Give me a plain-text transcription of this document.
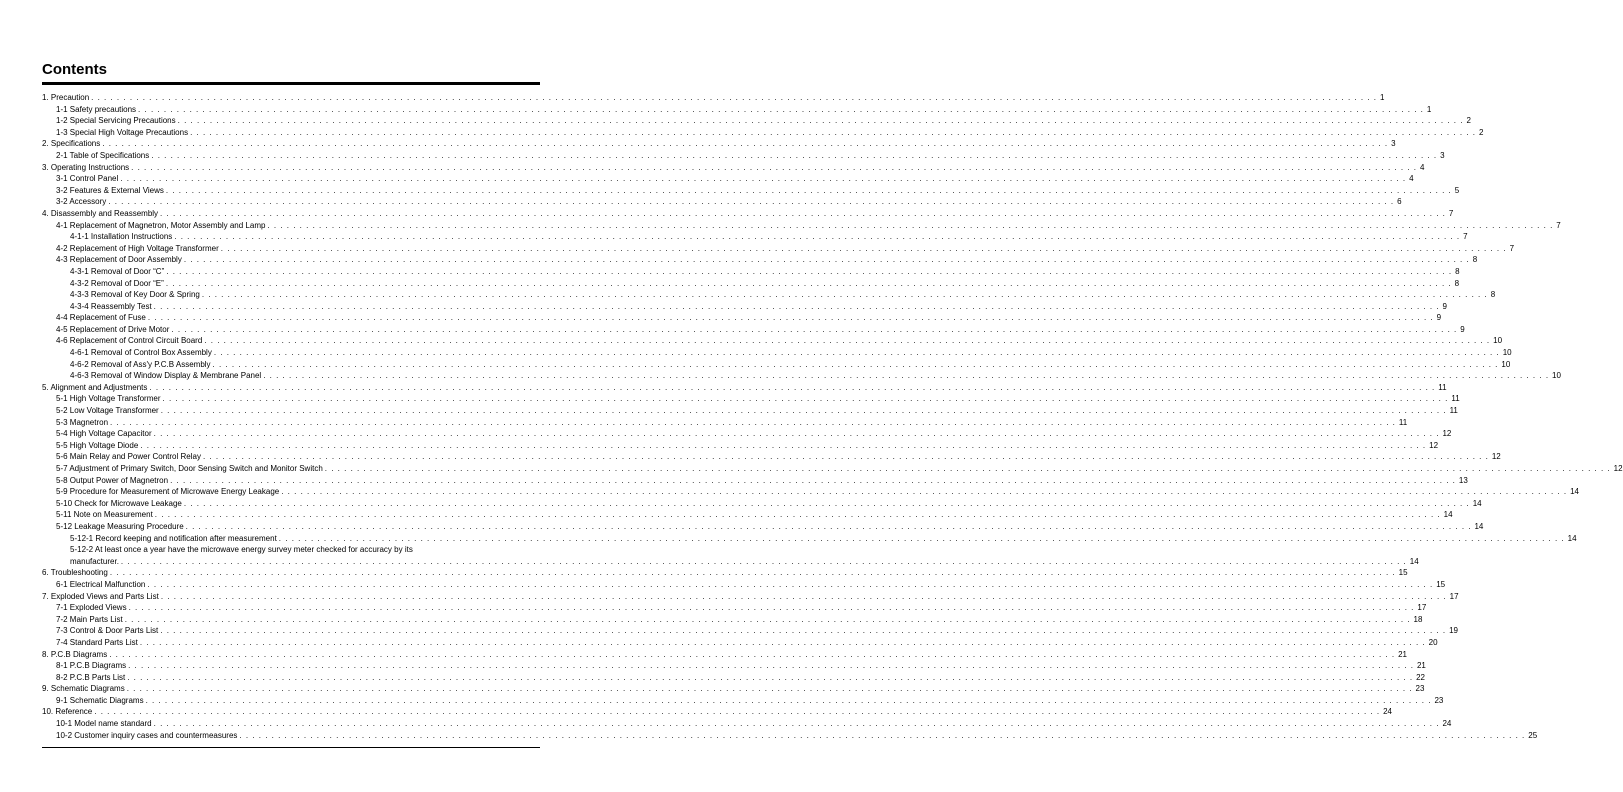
Contents
1. Precaution . . . . . . . . . . . . . . . . . . . . . . . . . . . . . . . . . . . . . . . . . . . . . . . . . . . . . . . . . . . . . . . . . . . . . . . . . . . . . . . . . . . . . . . . . . . . . . . . . . . . . . . . . . . . . . . . . . . . . . . . . . . . . . . . . . . . . . . . . . . . . . . . . . . . . . . . . . . . . . . . . . . . . . . . . . . . . . . . . . . . . . . . . . . . . . . . . . . . . . . . 1
1-1 Safety precautions . . . . . . . . . . . . . . . . . . . . . . . . . . . . . . . . . . . . . . . . . . . . . . . . . . . . . . . . . . . . . . . . . . . . . . . . . . . . . . . . . . . . . . . . . . . . . . . . . . . . . . . . . . . . . . . . . . . . . . . . . . . . . . . . . . . . . . . . . . . . . . . . . . . . . . . . . . . . . . . . . . . . . . . . . . . . . . . . . . . . . . . . . . . . . . . . . . . . . . . . 1
1-2 Special Servicing Precautions . . . . . . . . . . . . . . . . . . . . . . . . . . . . . . . . . . . . . . . . . . . . . . . . . . . . . . . . . . . . . . . . . . . . . . . . . . . . . . . . . . . . . . . . . . . . . . . . . . . . . . . . . . . . . . . . . . . . . . . . . . . . . . . . . . . . . . . . . . . . . . . . . . . . . . . . . . . . . . . . . . . . . . . . . . . . . . . . . . . . . . . . . . . . . . . . . . . . . . . . 2
1-3 Special High Voltage Precautions . . . . . . . . . . . . . . . . . . . . . . . . . . . . . . . . . . . . . . . . . . . . . . . . . . . . . . . . . . . . . . . . . . . . . . . . . . . . . . . . . . . . . . . . . . . . . . . . . . . . . . . . . . . . . . . . . . . . . . . . . . . . . . . . . . . . . . . . . . . . . . . . . . . . . . . . . . . . . . . . . . . . . . . . . . . . . . . . . . . . . . . . . . . . . . . . . . . . . . . . 2
2. Specifications . . . . . . . . . . . . . . . . . . . . . . . . . . . . . . . . . . . . . . . . . . . . . . . . . . . . . . . . . . . . . . . . . . . . . . . . . . . . . . . . . . . . . . . . . . . . . . . . . . . . . . . . . . . . . . . . . . . . . . . . . . . . . . . . . . . . . . . . . . . . . . . . . . . . . . . . . . . . . . . . . . . . . . . . . . . . . . . . . . . . . . . . . . . . . . . . . . . . . . . . 3
2-1 Table of Specifications . . . . . . . . . . . . . . . . . . . . . . . . . . . . . . . . . . . . . . . . . . . . . . . . . . . . . . . . . . . . . . . . . . . . . . . . . . . . . . . . . . . . . . . . . . . . . . . . . . . . . . . . . . . . . . . . . . . . . . . . . . . . . . . . . . . . . . . . . . . . . . . . . . . . . . . . . . . . . . . . . . . . . . . . . . . . . . . . . . . . . . . . . . . . . . . . . . . . . . . . 3
3. Operating Instructions . . . . . . . . . . . . . . . . . . . . . . . . . . . . . . . . . . . . . . . . . . . . . . . . . . . . . . . . . . . . . . . . . . . . . . . . . . . . . . . . . . . . . . . . . . . . . . . . . . . . . . . . . . . . . . . . . . . . . . . . . . . . . . . . . . . . . . . . . . . . . . . . . . . . . . . . . . . . . . . . . . . . . . . . . . . . . . . . . . . . . . . . . . . . . . . . . . . . . . . . 4
3-1 Control Panel . . . . . . . . . . . . . . . . . . . . . . . . . . . . . . . . . . . . . . . . . . . . . . . . . . . . . . . . . . . . . . . . . . . . . . . . . . . . . . . . . . . . . . . . . . . . . . . . . . . . . . . . . . . . . . . . . . . . . . . . . . . . . . . . . . . . . . . . . . . . . . . . . . . . . . . . . . . . . . . . . . . . . . . . . . . . . . . . . . . . . . . . . . . . . . . . . . . . . . . . 4
3-2 Features & External Views . . . . . . . . . . . . . . . . . . . . . . . . . . . . . . . . . . . . . . . . . . . . . . . . . . . . . . . . . . . . . . . . . . . . . . . . . . . . . . . . . . . . . . . . . . . . . . . . . . . . . . . . . . . . . . . . . . . . . . . . . . . . . . . . . . . . . . . . . . . . . . . . . . . . . . . . . . . . . . . . . . . . . . . . . . . . . . . . . . . . . . . . . . . . . . . . . . . . . . . . 5
3-2 Accessory . . . . . . . . . . . . . . . . . . . . . . . . . . . . . . . . . . . . . . . . . . . . . . . . . . . . . . . . . . . . . . . . . . . . . . . . . . . . . . . . . . . . . . . . . . . . . . . . . . . . . . . . . . . . . . . . . . . . . . . . . . . . . . . . . . . . . . . . . . . . . . . . . . . . . . . . . . . . . . . . . . . . . . . . . . . . . . . . . . . . . . . . . . . . . . . . . . . . . . . . 6
4. Disassembly and Reassembly . . . . . . . . . . . . . . . . . . . . . . . . . . . . . . . . . . . . . . . . . . . . . . . . . . . . . . . . . . . . . . . . . . . . . . . . . . . . . . . . . . . . . . . . . . . . . . . . . . . . . . . . . . . . . . . . . . . . . . . . . . . . . . . . . . . . . . . . . . . . . . . . . . . . . . . . . . . . . . . . . . . . . . . . . . . . . . . . . . . . . . . . . . . . . . . . . . . . . . . . 7
4-1 Replacement of Magnetron, Motor Assembly and Lamp . . . . . . . . . . . . . . . . . . . . . . . . . . . . . . . . . . . . . . . . . . . . . . . . . . . . . . . . . . . . . . . . . . . . . . . . . . . . . . . . . . . . . . . . . . . . . . . . . . . . . . . . . . . . . . . . . . . . . . . . . . . . . . . . . . . . . . . . . . . . . . . . . . . . . . . . . . . . . . . . . . . . . . . . . . . . . . . . . . . . . . . . . . . . . . . . . . . . . . . . 7
4-1-1 Installation Instructions . . . . . . . . . . . . . . . . . . . . . . . . . . . . . . . . . . . . . . . . . . . . . . . . . . . . . . . . . . . . . . . . . . . . . . . . . . . . . . . . . . . . . . . . . . . . . . . . . . . . . . . . . . . . . . . . . . . . . . . . . . . . . . . . . . . . . . . . . . . . . . . . . . . . . . . . . . . . . . . . . . . . . . . . . . . . . . . . . . . . . . . . . . . . . . . . . . . . . . . . 7
4-2 Replacement of High Voltage Transformer . . . . . . . . . . . . . . . . . . . . . . . . . . . . . . . . . . . . . . . . . . . . . . . . . . . . . . . . . . . . . . . . . . . . . . . . . . . . . . . . . . . . . . . . . . . . . . . . . . . . . . . . . . . . . . . . . . . . . . . . . . . . . . . . . . . . . . . . . . . . . . . . . . . . . . . . . . . . . . . . . . . . . . . . . . . . . . . . . . . . . . . . . . . . . . . . . . . . . . . . 7
4-3 Replacement of Door Assembly . . . . . . . . . . . . . . . . . . . . . . . . . . . . . . . . . . . . . . . . . . . . . . . . . . . . . . . . . . . . . . . . . . . . . . . . . . . . . . . . . . . . . . . . . . . . . . . . . . . . . . . . . . . . . . . . . . . . . . . . . . . . . . . . . . . . . . . . . . . . . . . . . . . . . . . . . . . . . . . . . . . . . . . . . . . . . . . . . . . . . . . . . . . . . . . . . . . . . . . . 8
4-3-1 Removal of Door “C” . . . . . . . . . . . . . . . . . . . . . . . . . . . . . . . . . . . . . . . . . . . . . . . . . . . . . . . . . . . . . . . . . . . . . . . . . . . . . . . . . . . . . . . . . . . . . . . . . . . . . . . . . . . . . . . . . . . . . . . . . . . . . . . . . . . . . . . . . . . . . . . . . . . . . . . . . . . . . . . . . . . . . . . . . . . . . . . . . . . . . . . . . . . . . . . . . . . . . . . . 8
4-3-2 Removal of Door “E” . . . . . . . . . . . . . . . . . . . . . . . . . . . . . . . . . . . . . . . . . . . . . . . . . . . . . . . . . . . . . . . . . . . . . . . . . . . . . . . . . . . . . . . . . . . . . . . . . . . . . . . . . . . . . . . . . . . . . . . . . . . . . . . . . . . . . . . . . . . . . . . . . . . . . . . . . . . . . . . . . . . . . . . . . . . . . . . . . . . . . . . . . . . . . . . . . . . . . . . . 8
4-3-3 Removal of Key Door & Spring . . . . . . . . . . . . . . . . . . . . . . . . . . . . . . . . . . . . . . . . . . . . . . . . . . . . . . . . . . . . . . . . . . . . . . . . . . . . . . . . . . . . . . . . . . . . . . . . . . . . . . . . . . . . . . . . . . . . . . . . . . . . . . . . . . . . . . . . . . . . . . . . . . . . . . . . . . . . . . . . . . . . . . . . . . . . . . . . . . . . . . . . . . . . . . . . . . . . . . . . 8
4-3-4 Reassembly Test . . . . . . . . . . . . . . . . . . . . . . . . . . . . . . . . . . . . . . . . . . . . . . . . . . . . . . . . . . . . . . . . . . . . . . . . . . . . . . . . . . . . . . . . . . . . . . . . . . . . . . . . . . . . . . . . . . . . . . . . . . . . . . . . . . . . . . . . . . . . . . . . . . . . . . . . . . . . . . . . . . . . . . . . . . . . . . . . . . . . . . . . . . . . . . . . . . . . . . . . 9
4-4 Replacement of Fuse . . . . . . . . . . . . . . . . . . . . . . . . . . . . . . . . . . . . . . . . . . . . . . . . . . . . . . . . . . . . . . . . . . . . . . . . . . . . . . . . . . . . . . . . . . . . . . . . . . . . . . . . . . . . . . . . . . . . . . . . . . . . . . . . . . . . . . . . . . . . . . . . . . . . . . . . . . . . . . . . . . . . . . . . . . . . . . . . . . . . . . . . . . . . . . . . . . . . . . . . 9
4-5 Replacement of Drive Motor . . . . . . . . . . . . . . . . . . . . . . . . . . . . . . . . . . . . . . . . . . . . . . . . . . . . . . . . . . . . . . . . . . . . . . . . . . . . . . . . . . . . . . . . . . . . . . . . . . . . . . . . . . . . . . . . . . . . . . . . . . . . . . . . . . . . . . . . . . . . . . . . . . . . . . . . . . . . . . . . . . . . . . . . . . . . . . . . . . . . . . . . . . . . . . . . . . . . . . . . 9
4-6 Replacement of Control Circuit Board . . . . . . . . . . . . . . . . . . . . . . . . . . . . . . . . . . . . . . . . . . . . . . . . . . . . . . . . . . . . . . . . . . . . . . . . . . . . . . . . . . . . . . . . . . . . . . . . . . . . . . . . . . . . . . . . . . . . . . . . . . . . . . . . . . . . . . . . . . . . . . . . . . . . . . . . . . . . . . . . . . . . . . . . . . . . . . . . . . . . . . . . . . . . . . . . . . . . . . . . 10
4-6-1 Removal of Control Box Assembly . . . . . . . . . . . . . . . . . . . . . . . . . . . . . . . . . . . . . . . . . . . . . . . . . . . . . . . . . . . . . . . . . . . . . . . . . . . . . . . . . . . . . . . . . . . . . . . . . . . . . . . . . . . . . . . . . . . . . . . . . . . . . . . . . . . . . . . . . . . . . . . . . . . . . . . . . . . . . . . . . . . . . . . . . . . . . . . . . . . . . . . . . . . . . . . . . . . . . . . . 10
4-6-2 Removal of Ass'y P.C.B Assembly . . . . . . . . . . . . . . . . . . . . . . . . . . . . . . . . . . . . . . . . . . . . . . . . . . . . . . . . . . . . . . . . . . . . . . . . . . . . . . . . . . . . . . . . . . . . . . . . . . . . . . . . . . . . . . . . . . . . . . . . . . . . . . . . . . . . . . . . . . . . . . . . . . . . . . . . . . . . . . . . . . . . . . . . . . . . . . . . . . . . . . . . . . . . . . . . . . . . . . . . 10
4-6-3 Removal of Window Display & Membrane Panel . . . . . . . . . . . . . . . . . . . . . . . . . . . . . . . . . . . . . . . . . . . . . . . . . . . . . . . . . . . . . . . . . . . . . . . . . . . . . . . . . . . . . . . . . . . . . . . . . . . . . . . . . . . . . . . . . . . . . . . . . . . . . . . . . . . . . . . . . . . . . . . . . . . . . . . . . . . . . . . . . . . . . . . . . . . . . . . . . . . . . . . . . . . . . . . . . . . . . . . . 10
5. Alignment and Adjustments . . . . . . . . . . . . . . . . . . . . . . . . . . . . . . . . . . . . . . . . . . . . . . . . . . . . . . . . . . . . . . . . . . . . . . . . . . . . . . . . . . . . . . . . . . . . . . . . . . . . . . . . . . . . . . . . . . . . . . . . . . . . . . . . . . . . . . . . . . . . . . . . . . . . . . . . . . . . . . . . . . . . . . . . . . . . . . . . . . . . . . . . . . . . . . . . . . . . . . . . 11
5-1 High Voltage Transformer . . . . . . . . . . . . . . . . . . . . . . . . . . . . . . . . . . . . . . . . . . . . . . . . . . . . . . . . . . . . . . . . . . . . . . . . . . . . . . . . . . . . . . . . . . . . . . . . . . . . . . . . . . . . . . . . . . . . . . . . . . . . . . . . . . . . . . . . . . . . . . . . . . . . . . . . . . . . . . . . . . . . . . . . . . . . . . . . . . . . . . . . . . . . . . . . . . . . . . . . 11
5-2 Low Voltage Transformer . . . . . . . . . . . . . . . . . . . . . . . . . . . . . . . . . . . . . . . . . . . . . . . . . . . . . . . . . . . . . . . . . . . . . . . . . . . . . . . . . . . . . . . . . . . . . . . . . . . . . . . . . . . . . . . . . . . . . . . . . . . . . . . . . . . . . . . . . . . . . . . . . . . . . . . . . . . . . . . . . . . . . . . . . . . . . . . . . . . . . . . . . . . . . . . . . . . . . . . . 11
5-3 Magnetron . . . . . . . . . . . . . . . . . . . . . . . . . . . . . . . . . . . . . . . . . . . . . . . . . . . . . . . . . . . . . . . . . . . . . . . . . . . . . . . . . . . . . . . . . . . . . . . . . . . . . . . . . . . . . . . . . . . . . . . . . . . . . . . . . . . . . . . . . . . . . . . . . . . . . . . . . . . . . . . . . . . . . . . . . . . . . . . . . . . . . . . . . . . . . . . . . . . . . . . . 11
5-4 High Voltage Capacitor . . . . . . . . . . . . . . . . . . . . . . . . . . . . . . . . . . . . . . . . . . . . . . . . . . . . . . . . . . . . . . . . . . . . . . . . . . . . . . . . . . . . . . . . . . . . . . . . . . . . . . . . . . . . . . . . . . . . . . . . . . . . . . . . . . . . . . . . . . . . . . . . . . . . . . . . . . . . . . . . . . . . . . . . . . . . . . . . . . . . . . . . . . . . . . . . . . . . . . . . 12
5-5 High Voltage Diode . . . . . . . . . . . . . . . . . . . . . . . . . . . . . . . . . . . . . . . . . . . . . . . . . . . . . . . . . . . . . . . . . . . . . . . . . . . . . . . . . . . . . . . . . . . . . . . . . . . . . . . . . . . . . . . . . . . . . . . . . . . . . . . . . . . . . . . . . . . . . . . . . . . . . . . . . . . . . . . . . . . . . . . . . . . . . . . . . . . . . . . . . . . . . . . . . . . . . . . . 12
5-6 Main Relay and Power Control Relay . . . . . . . . . . . . . . . . . . . . . . . . . . . . . . . . . . . . . . . . . . . . . . . . . . . . . . . . . . . . . . . . . . . . . . . . . . . . . . . . . . . . . . . . . . . . . . . . . . . . . . . . . . . . . . . . . . . . . . . . . . . . . . . . . . . . . . . . . . . . . . . . . . . . . . . . . . . . . . . . . . . . . . . . . . . . . . . . . . . . . . . . . . . . . . . . . . . . . . . . 12
5-7 Adjustment of Primary Switch, Door Sensing Switch and Monitor Switch . . . . . . . . . . . . . . . . . . . . . . . . . . . . . . . . . . . . . . . . . . . . . . . . . . . . . . . . . . . . . . . . . . . . . . . . . . . . . . . . . . . . . . . . . . . . . . . . . . . . . . . . . . . . . . . . . . . . . . . . . . . . . . . . . . . . . . . . . . . . . . . . . . . . . . . . . . . . . . . . . . . . . . . . . . . . . . . . . . . . . . . . . . . . . . . . . . . . . . . . 12
5-8 Output Power of Magnetron . . . . . . . . . . . . . . . . . . . . . . . . . . . . . . . . . . . . . . . . . . . . . . . . . . . . . . . . . . . . . . . . . . . . . . . . . . . . . . . . . . . . . . . . . . . . . . . . . . . . . . . . . . . . . . . . . . . . . . . . . . . . . . . . . . . . . . . . . . . . . . . . . . . . . . . . . . . . . . . . . . . . . . . . . . . . . . . . . . . . . . . . . . . . . . . . . . . . . . . . 13
5-9 Procedure for Measurement of Microwave Energy Leakage . . . . . . . . . . . . . . . . . . . . . . . . . . . . . . . . . . . . . . . . . . . . . . . . . . . . . . . . . . . . . . . . . . . . . . . . . . . . . . . . . . . . . . . . . . . . . . . . . . . . . . . . . . . . . . . . . . . . . . . . . . . . . . . . . . . . . . . . . . . . . . . . . . . . . . . . . . . . . . . . . . . . . . . . . . . . . . . . . . . . . . . . . . . . . . . . . . . . . . . . 14
5-10 Check for Microwave Leakage . . . . . . . . . . . . . . . . . . . . . . . . . . . . . . . . . . . . . . . . . . . . . . . . . . . . . . . . . . . . . . . . . . . . . . . . . . . . . . . . . . . . . . . . . . . . . . . . . . . . . . . . . . . . . . . . . . . . . . . . . . . . . . . . . . . . . . . . . . . . . . . . . . . . . . . . . . . . . . . . . . . . . . . . . . . . . . . . . . . . . . . . . . . . . . . . . . . . . . . . 14
5-11 Note on Measurement . . . . . . . . . . . . . . . . . . . . . . . . . . . . . . . . . . . . . . . . . . . . . . . . . . . . . . . . . . . . . . . . . . . . . . . . . . . . . . . . . . . . . . . . . . . . . . . . . . . . . . . . . . . . . . . . . . . . . . . . . . . . . . . . . . . . . . . . . . . . . . . . . . . . . . . . . . . . . . . . . . . . . . . . . . . . . . . . . . . . . . . . . . . . . . . . . . . . . . . . 14
5-12 Leakage Measuring Procedure . . . . . . . . . . . . . . . . . . . . . . . . . . . . . . . . . . . . . . . . . . . . . . . . . . . . . . . . . . . . . . . . . . . . . . . . . . . . . . . . . . . . . . . . . . . . . . . . . . . . . . . . . . . . . . . . . . . . . . . . . . . . . . . . . . . . . . . . . . . . . . . . . . . . . . . . . . . . . . . . . . . . . . . . . . . . . . . . . . . . . . . . . . . . . . . . . . . . . . . . 14
5-12-1 Record keeping and notification after measurement . . . . . . . . . . . . . . . . . . . . . . . . . . . . . . . . . . . . . . . . . . . . . . . . . . . . . . . . . . . . . . . . . . . . . . . . . . . . . . . . . . . . . . . . . . . . . . . . . . . . . . . . . . . . . . . . . . . . . . . . . . . . . . . . . . . . . . . . . . . . . . . . . . . . . . . . . . . . . . . . . . . . . . . . . . . . . . . . . . . . . . . . . . . . . . . . . . . . . . . . 14
5-12-2 At least once a year have the microwave energy survey meter checked for accuracy by its
manufacturer. . . . . . . . . . . . . . . . . . . . . . . . . . . . . . . . . . . . . . . . . . . . . . . . . . . . . . . . . . . . . . . . . . . . . . . . . . . . . . . . . . . . . . . . . . . . . . . . . . . . . . . . . . . . . . . . . . . . . . . . . . . . . . . . . . . . . . . . . . . . . . . . . . . . . . . . . . . . . . . . . . . . . . . . . . . . . . . . . . . . . . . . . . . . . . . . . . . . . . . . . 14
6. Troubleshooting . . . . . . . . . . . . . . . . . . . . . . . . . . . . . . . . . . . . . . . . . . . . . . . . . . . . . . . . . . . . . . . . . . . . . . . . . . . . . . . . . . . . . . . . . . . . . . . . . . . . . . . . . . . . . . . . . . . . . . . . . . . . . . . . . . . . . . . . . . . . . . . . . . . . . . . . . . . . . . . . . . . . . . . . . . . . . . . . . . . . . . . . . . . . . . . . . . . . . . . . 15
6-1 Electrical Malfunction . . . . . . . . . . . . . . . . . . . . . . . . . . . . . . . . . . . . . . . . . . . . . . . . . . . . . . . . . . . . . . . . . . . . . . . . . . . . . . . . . . . . . . . . . . . . . . . . . . . . . . . . . . . . . . . . . . . . . . . . . . . . . . . . . . . . . . . . . . . . . . . . . . . . . . . . . . . . . . . . . . . . . . . . . . . . . . . . . . . . . . . . . . . . . . . . . . . . . . . . 15
7. Exploded Views and Parts List . . . . . . . . . . . . . . . . . . . . . . . . . . . . . . . . . . . . . . . . . . . . . . . . . . . . . . . . . . . . . . . . . . . . . . . . . . . . . . . . . . . . . . . . . . . . . . . . . . . . . . . . . . . . . . . . . . . . . . . . . . . . . . . . . . . . . . . . . . . . . . . . . . . . . . . . . . . . . . . . . . . . . . . . . . . . . . . . . . . . . . . . . . . . . . . . . . . . . . . . 17
7-1 Exploded Views . . . . . . . . . . . . . . . . . . . . . . . . . . . . . . . . . . . . . . . . . . . . . . . . . . . . . . . . . . . . . . . . . . . . . . . . . . . . . . . . . . . . . . . . . . . . . . . . . . . . . . . . . . . . . . . . . . . . . . . . . . . . . . . . . . . . . . . . . . . . . . . . . . . . . . . . . . . . . . . . . . . . . . . . . . . . . . . . . . . . . . . . . . . . . . . . . . . . . . . . 17
7-2 Main Parts List . . . . . . . . . . . . . . . . . . . . . . . . . . . . . . . . . . . . . . . . . . . . . . . . . . . . . . . . . . . . . . . . . . . . . . . . . . . . . . . . . . . . . . . . . . . . . . . . . . . . . . . . . . . . . . . . . . . . . . . . . . . . . . . . . . . . . . . . . . . . . . . . . . . . . . . . . . . . . . . . . . . . . . . . . . . . . . . . . . . . . . . . . . . . . . . . . . . . . . . . 18
7-3 Control & Door Parts List . . . . . . . . . . . . . . . . . . . . . . . . . . . . . . . . . . . . . . . . . . . . . . . . . . . . . . . . . . . . . . . . . . . . . . . . . . . . . . . . . . . . . . . . . . . . . . . . . . . . . . . . . . . . . . . . . . . . . . . . . . . . . . . . . . . . . . . . . . . . . . . . . . . . . . . . . . . . . . . . . . . . . . . . . . . . . . . . . . . . . . . . . . . . . . . . . . . . . . . . 19
7-4 Standard Parts List . . . . . . . . . . . . . . . . . . . . . . . . . . . . . . . . . . . . . . . . . . . . . . . . . . . . . . . . . . . . . . . . . . . . . . . . . . . . . . . . . . . . . . . . . . . . . . . . . . . . . . . . . . . . . . . . . . . . . . . . . . . . . . . . . . . . . . . . . . . . . . . . . . . . . . . . . . . . . . . . . . . . . . . . . . . . . . . . . . . . . . . . . . . . . . . . . . . . . . . . 20
8. P.C.B Diagrams . . . . . . . . . . . . . . . . . . . . . . . . . . . . . . . . . . . . . . . . . . . . . . . . . . . . . . . . . . . . . . . . . . . . . . . . . . . . . . . . . . . . . . . . . . . . . . . . . . . . . . . . . . . . . . . . . . . . . . . . . . . . . . . . . . . . . . . . . . . . . . . . . . . . . . . . . . . . . . . . . . . . . . . . . . . . . . . . . . . . . . . . . . . . . . . . . . . . . . . . 21
8-1 P.C.B Diagrams . . . . . . . . . . . . . . . . . . . . . . . . . . . . . . . . . . . . . . . . . . . . . . . . . . . . . . . . . . . . . . . . . . . . . . . . . . . . . . . . . . . . . . . . . . . . . . . . . . . . . . . . . . . . . . . . . . . . . . . . . . . . . . . . . . . . . . . . . . . . . . . . . . . . . . . . . . . . . . . . . . . . . . . . . . . . . . . . . . . . . . . . . . . . . . . . . . . . . . . . 21
8-2 P.C.B Parts List . . . . . . . . . . . . . . . . . . . . . . . . . . . . . . . . . . . . . . . . . . . . . . . . . . . . . . . . . . . . . . . . . . . . . . . . . . . . . . . . . . . . . . . . . . . . . . . . . . . . . . . . . . . . . . . . . . . . . . . . . . . . . . . . . . . . . . . . . . . . . . . . . . . . . . . . . . . . . . . . . . . . . . . . . . . . . . . . . . . . . . . . . . . . . . . . . . . . . . . . 22
9. Schematic Diagrams . . . . . . . . . . . . . . . . . . . . . . . . . . . . . . . . . . . . . . . . . . . . . . . . . . . . . . . . . . . . . . . . . . . . . . . . . . . . . . . . . . . . . . . . . . . . . . . . . . . . . . . . . . . . . . . . . . . . . . . . . . . . . . . . . . . . . . . . . . . . . . . . . . . . . . . . . . . . . . . . . . . . . . . . . . . . . . . . . . . . . . . . . . . . . . . . . . . . . . . . 23
9-1 Schematic Diagrams . . . . . . . . . . . . . . . . . . . . . . . . . . . . . . . . . . . . . . . . . . . . . . . . . . . . . . . . . . . . . . . . . . . . . . . . . . . . . . . . . . . . . . . . . . . . . . . . . . . . . . . . . . . . . . . . . . . . . . . . . . . . . . . . . . . . . . . . . . . . . . . . . . . . . . . . . . . . . . . . . . . . . . . . . . . . . . . . . . . . . . . . . . . . . . . . . . . . . . . . 23
10. Reference . . . . . . . . . . . . . . . . . . . . . . . . . . . . . . . . . . . . . . . . . . . . . . . . . . . . . . . . . . . . . . . . . . . . . . . . . . . . . . . . . . . . . . . . . . . . . . . . . . . . . . . . . . . . . . . . . . . . . . . . . . . . . . . . . . . . . . . . . . . . . . . . . . . . . . . . . . . . . . . . . . . . . . . . . . . . . . . . . . . . . . . . . . . . . . . . . . . . . . . . 24
10-1 Model name standard . . . . . . . . . . . . . . . . . . . . . . . . . . . . . . . . . . . . . . . . . . . . . . . . . . . . . . . . . . . . . . . . . . . . . . . . . . . . . . . . . . . . . . . . . . . . . . . . . . . . . . . . . . . . . . . . . . . . . . . . . . . . . . . . . . . . . . . . . . . . . . . . . . . . . . . . . . . . . . . . . . . . . . . . . . . . . . . . . . . . . . . . . . . . . . . . . . . . . . . . 24
10-2 Customer inquiry cases and countermeasures . . . . . . . . . . . . . . . . . . . . . . . . . . . . . . . . . . . . . . . . . . . . . . . . . . . . . . . . . . . . . . . . . . . . . . . . . . . . . . . . . . . . . . . . . . . . . . . . . . . . . . . . . . . . . . . . . . . . . . . . . . . . . . . . . . . . . . . . . . . . . . . . . . . . . . . . . . . . . . . . . . . . . . . . . . . . . . . . . . . . . . . . . . . . . . . . . . . . . . . . 25
